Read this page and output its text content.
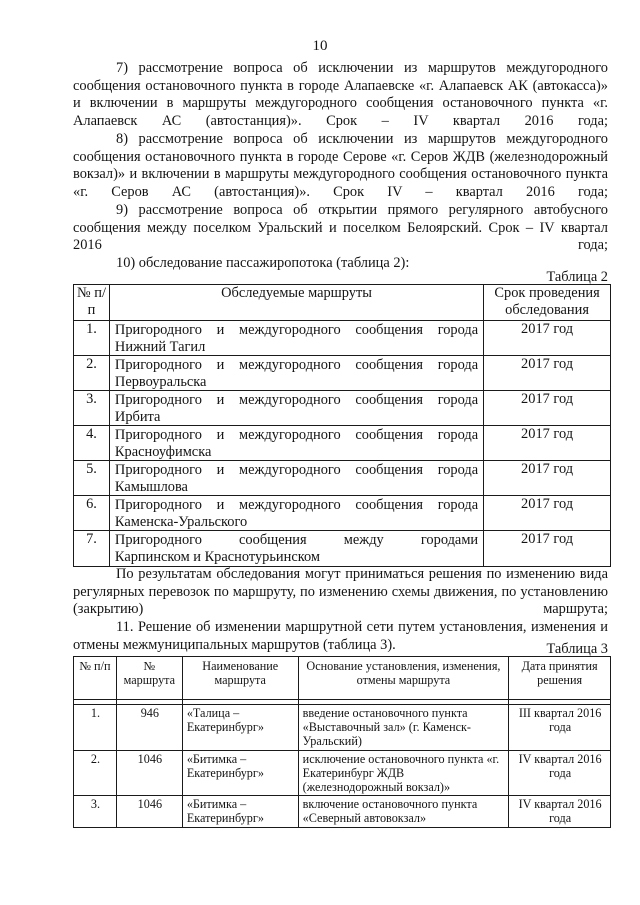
10

7) рассмотрение вопроса об исключении из маршрутов междугородного сообщения остановочного пункта в городе Алапаевске «г. Алапаевск АК (автокасса)» и включении в маршруты междугородного сообщения остановочного пункта «г. Алапаевск АС (автостанция)». Срок – IV квартал 2016 года;

8) рассмотрение вопроса об исключении из маршрутов междугородного сообщения остановочного пункта в городе Серове «г. Серов ЖДВ (железнодорожный вокзал)» и включении в маршруты междугородного сообщения остановочного пункта «г. Серов АС (автостанция)». Срок IV – квартал 2016 года;

9) рассмотрение вопроса об открытии прямого регулярного автобусного сообщения между поселком Уральский и поселком Белоярский. Срок – IV квартал 2016 года;

10) обследование пассажиропотока (таблица 2):

Таблица 2
№ п/п	Обследуемые маршруты	Срок проведения обследования
1.	Пригородного и междугородного сообщения города
Нижний Тагил	2017 год
2.	Пригородного и междугородного сообщения города
Первоуральска	2017 год
3.	Пригородного и междугородного сообщения города
Ирбита	2017 год
4.	Пригородного и междугородного сообщения города
Красноуфимска	2017 год
5.	Пригородного и междугородного сообщения города
Камышлова	2017 год
6.	Пригородного и междугородного сообщения города
Каменска-Уральского	2017 год
7.	Пригородного сообщения между городами
Карпинском и Краснотурьинском	2017 год

По результатам обследования могут приниматься решения по изменению вида регулярных перевозок по маршруту, по изменению схемы движения, по установлению (закрытию) маршрута;

11. Решение об изменении маршрутной сети путем установления, изменения и отмены межмуниципальных маршрутов (таблица 3).	Таблица 3
№ п/п	№ маршрута	Наименование маршрута	Основание установления, изменения, отмены маршрута	Дата принятия решения

1.	946	«Талица – Екатеринбург»	введение остановочного пункта «Выставочный зал» (г. Каменск-Уральский)	III квартал 2016 года
2.	1046	«Битимка – Екатеринбург»	исключение остановочного пункта «г. Екатеринбург ЖДВ (железнодорожный вокзал)»	IV квартал 2016 года
3.	1046	«Битимка – Екатеринбург»	включение остановочного пункта «Северный автовокзал»	IV квартал 2016 года
